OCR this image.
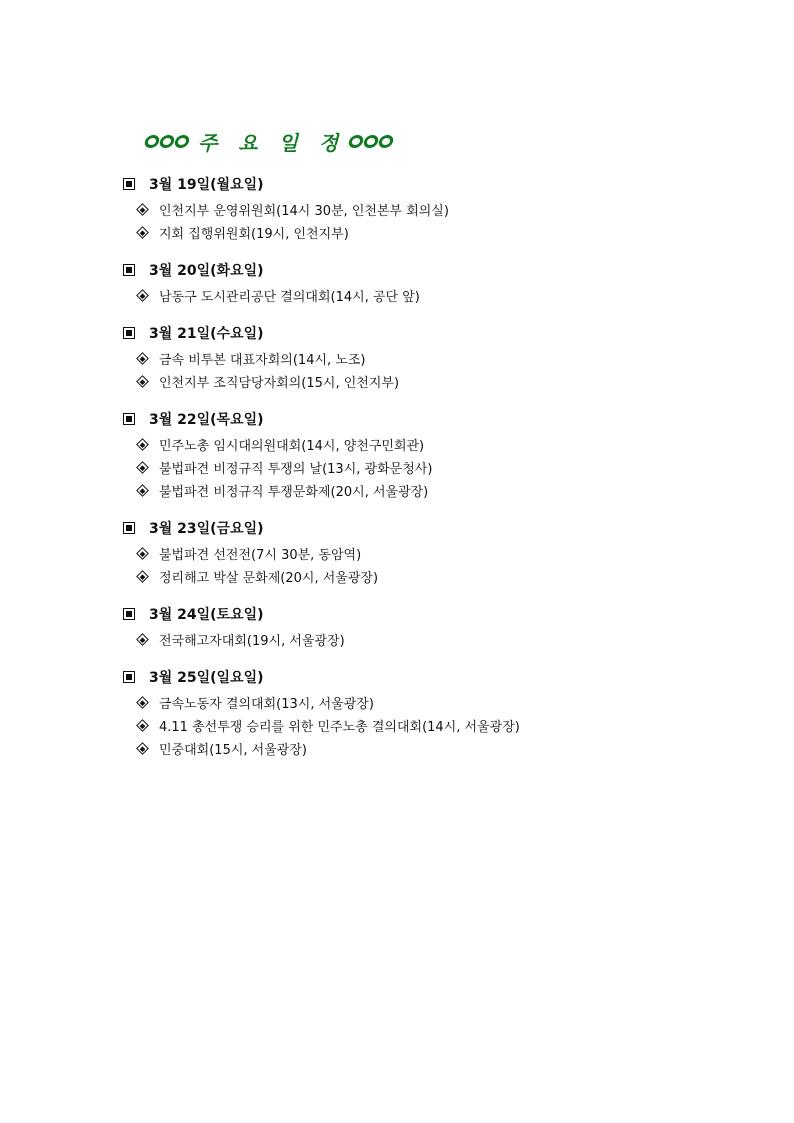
주 요 일 정
3월 19일(월요일)
인천지부 운영위원회(14시 30분, 인천본부 회의실)
지회 집행위원회(19시, 인천지부)
3월 20일(화요일)
남동구 도시관리공단 결의대회(14시, 공단 앞)
3월 21일(수요일)
금속 비투본 대표자회의(14시, 노조)
인천지부 조직담당자회의(15시, 인천지부)
3월 22일(목요일)
민주노총 임시대의원대회(14시, 양천구민회관)
불법파견 비정규직 투쟁의 날(13시, 광화문청사)
불법파견 비정규직 투쟁문화제(20시, 서울광장)
3월 23일(금요일)
불법파견 선전전(7시 30분, 동암역)
정리해고 박살 문화제(20시, 서울광장)
3월 24일(토요일)
전국해고자대회(19시, 서울광장)
3월 25일(일요일)
금속노동자 결의대회(13시, 서울광장)
4.11 총선투쟁 승리를 위한 민주노총 결의대회(14시, 서울광장)
민중대회(15시, 서울광장)
